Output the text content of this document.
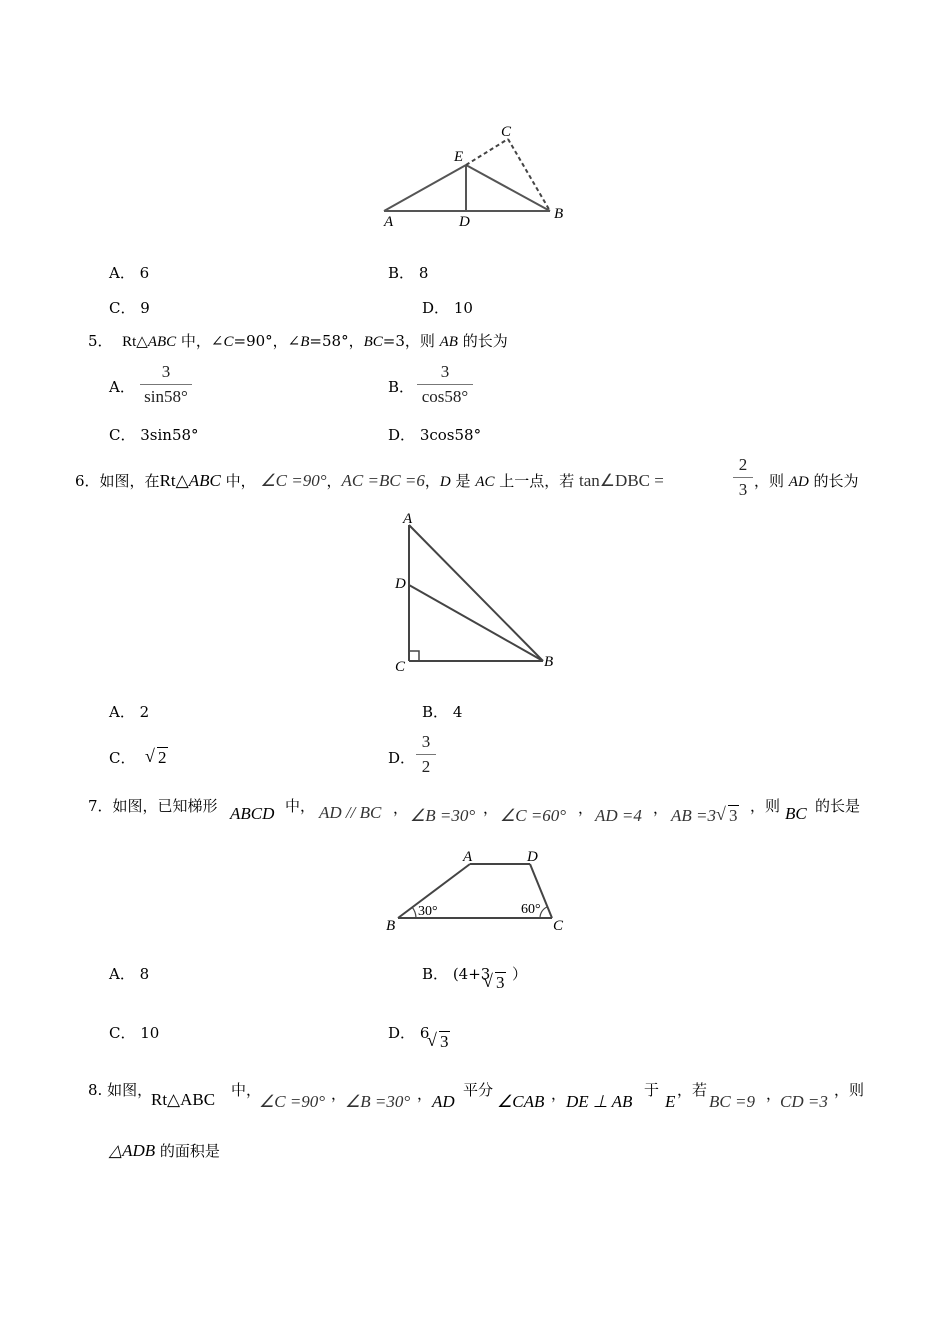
A	D	B
E
C
A． 6	B． 8
C． 9	D． 10
5． Rt△ABC 中，∠C=90°，∠B=58°，BC=3，则 AB 的长为
A． $\frac{3}{\sin 58^\circ}$	B． $\frac{3}{\cos 58^\circ}$
C． 3sin58°	D． 3cos58°
6．如图，在Rt△ABC 中， ∠C =90°，AC =BC =6，D 是 AC 上一点，若 tan∠DBC =	$\frac{2}{3}$ ，则 AD 的长为
A
D
C	B
A． 2	B． 4
C． √ 2	D． $\frac{3}{2}$
7．如图，已知梯形 ABCD 中， AD // BC ， ∠B =30° ， ∠C =60° ， AD =4 ， AB =3 √ 3 ，则 BC 的长是
A	D
B	C
30°	60°
A． 8	B． (4+3 √ 3 ）
C． 10	D． 6 √ 3
8. 如图，
Rt△ABC 中，
∠C =90° ，
∠B =30° ， AD
平分
∠CAB ， DE ⊥ AB
于
E
，若
BC =9 ，
CD =3
，则
△ADB 的面积是
